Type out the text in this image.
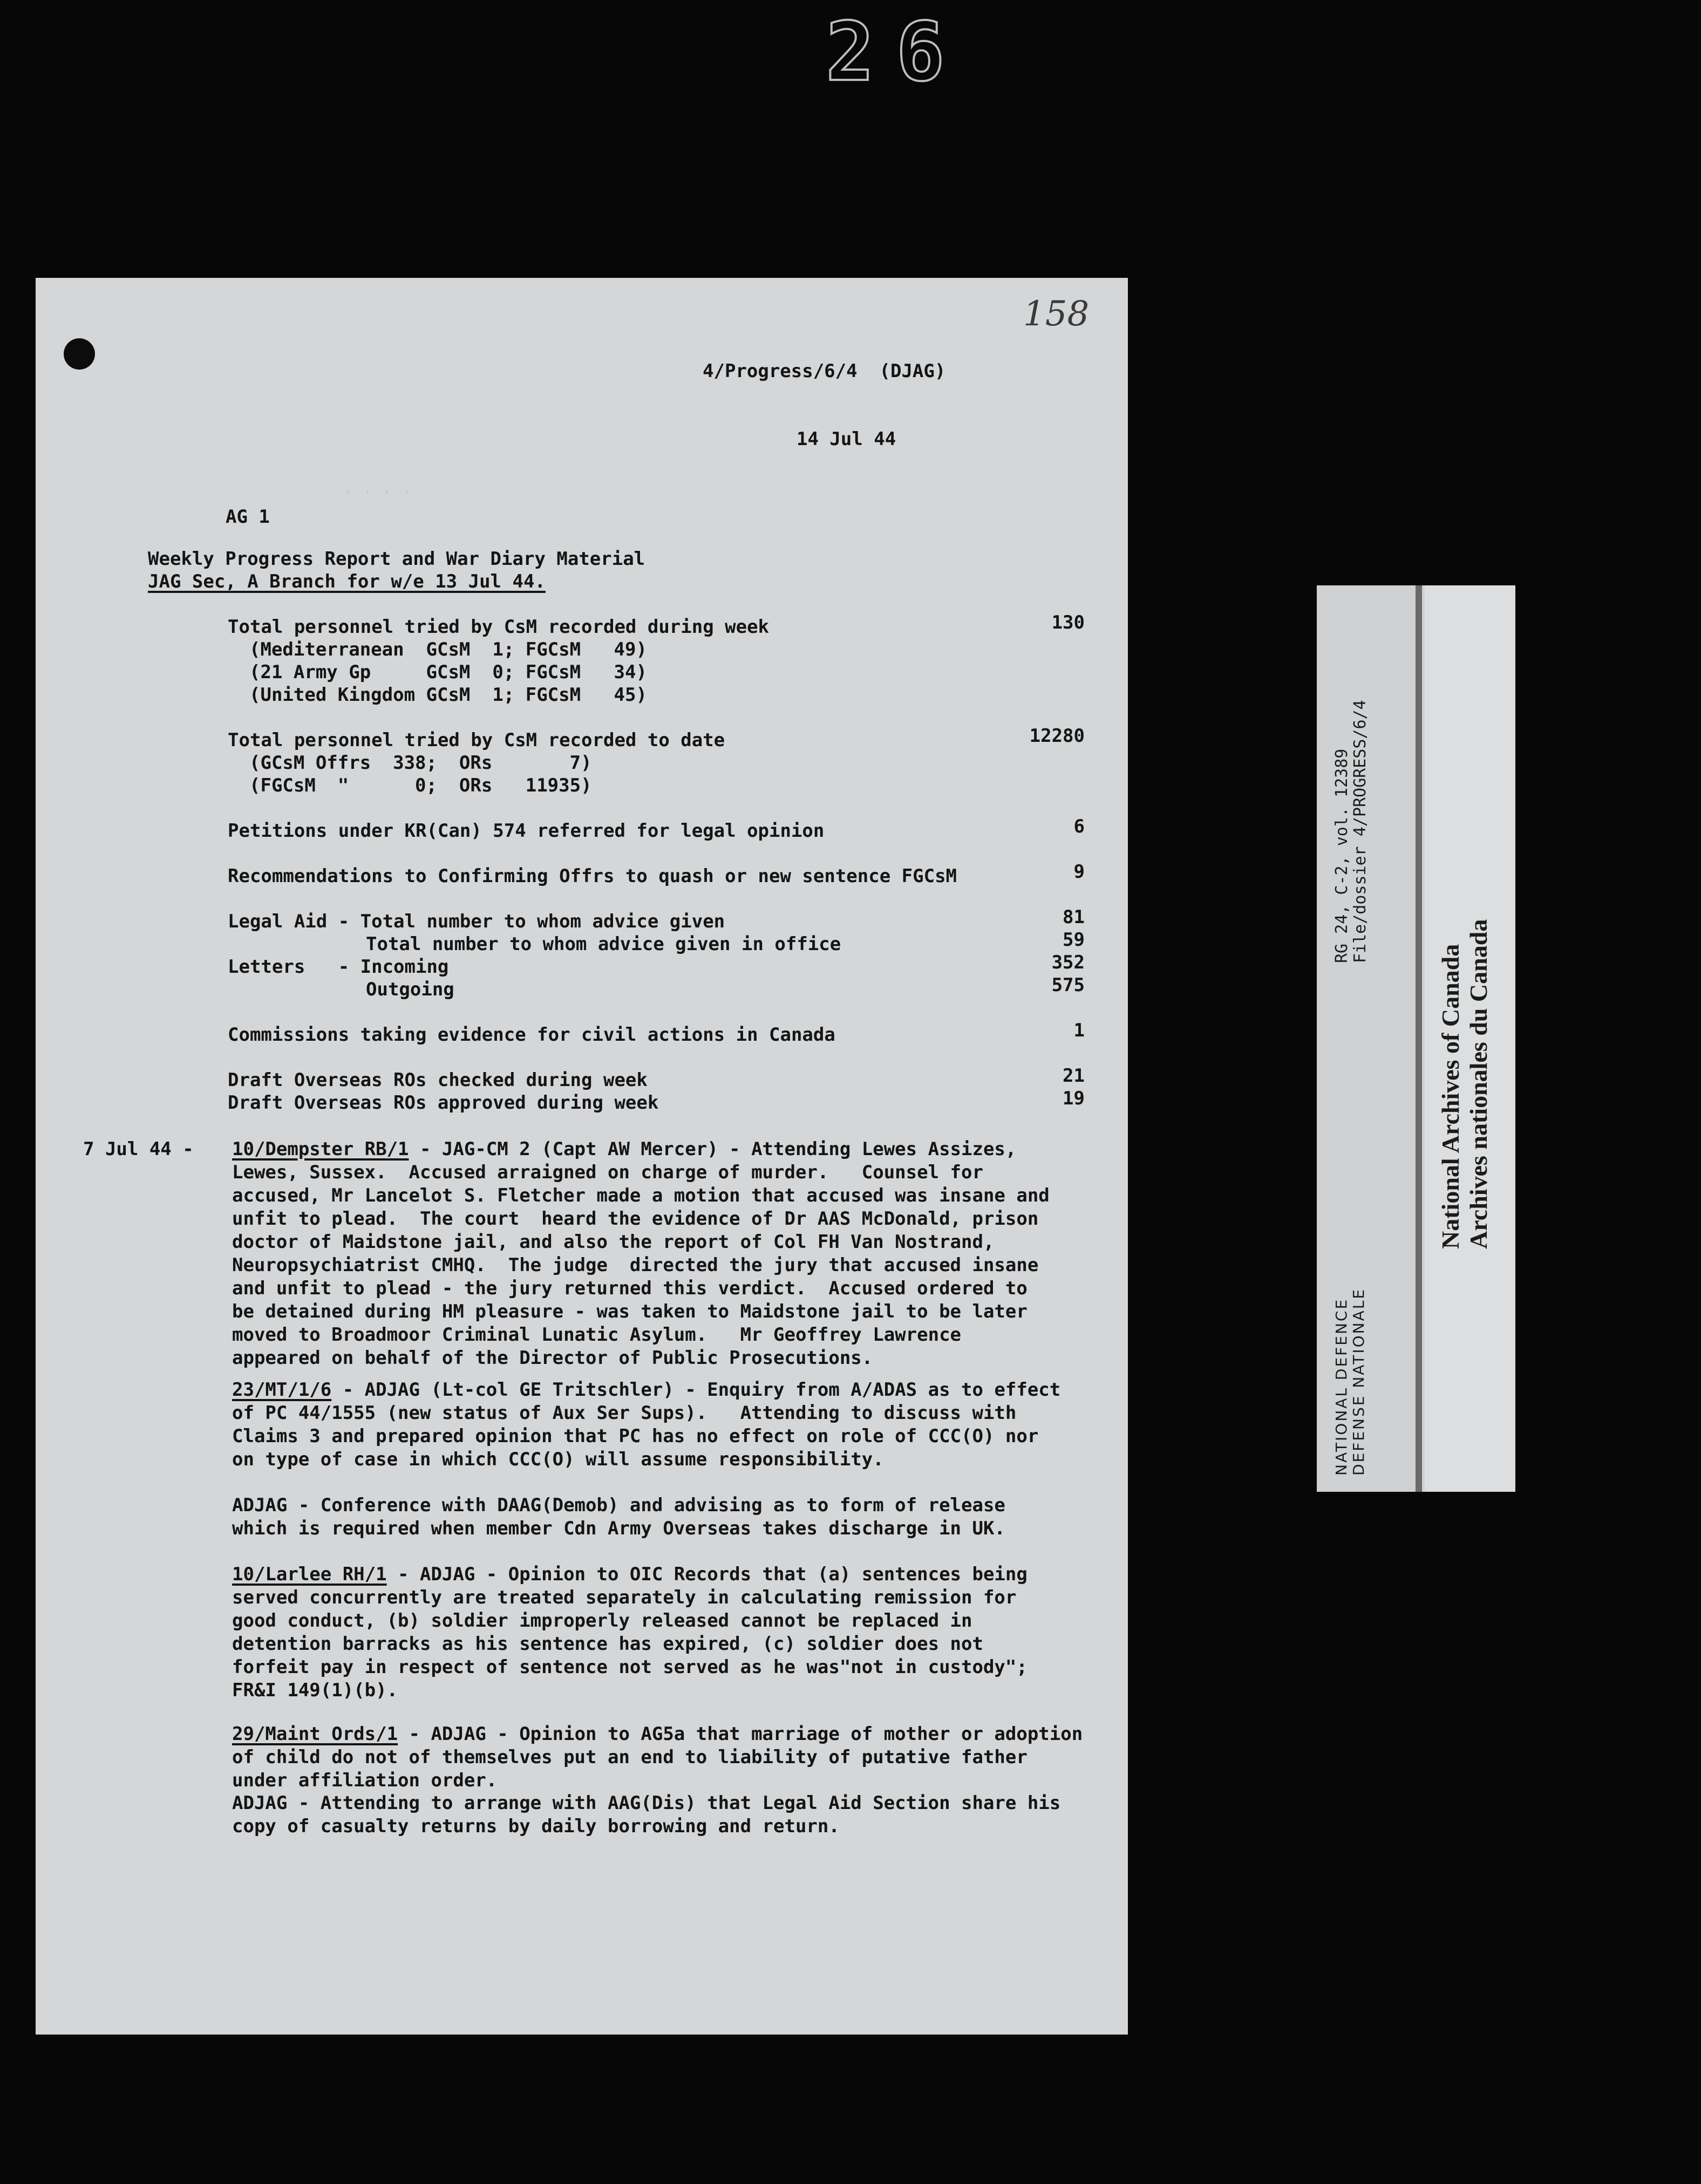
26
158
· · · ·
4/Progress/6/4  (DJAG)
14 Jul 44
AG 1
Weekly Progress Report and War Diary Material
JAG Sec, A Branch for w/e 13 Jul 44.
Total personnel tried by CsM recorded during week	130
(Mediterranean  GCsM  1; FGCsM   49)
(21 Army Gp     GCsM  0; FGCsM   34)
(United Kingdom GCsM  1; FGCsM   45)
Total personnel tried by CsM recorded to date	12280
(GCsM Offrs  338;  ORs       7)
(FGCsM  "      0;  ORs   11935)
Petitions under KR(Can) 574 referred for legal opinion	6
Recommendations to Confirming Offrs to quash or new sentence FGCsM	9
Legal Aid - Total number to whom advice given	81
Total number to whom advice given in office	59
Letters   - Incoming	352
Outgoing	575
Commissions taking evidence for civil actions in Canada	1
Draft Overseas ROs checked during week	21
Draft Overseas ROs approved during week	19
7 Jul 44 - 10/Dempster RB/1 - JAG-CM 2 (Capt AW Mercer) - Attending Lewes Assizes,
Lewes, Sussex.  Accused arraigned on charge of murder.   Counsel for
accused, Mr Lancelot S. Fletcher made a motion that accused was insane and
unfit to plead.  The court  heard the evidence of Dr AAS McDonald, prison
doctor of Maidstone jail, and also the report of Col FH Van Nostrand,
Neuropsychiatrist CMHQ.  The judge  directed the jury that accused insane
and unfit to plead - the jury returned this verdict.  Accused ordered to
be detained during HM pleasure - was taken to Maidstone jail to be later
moved to Broadmoor Criminal Lunatic Asylum.   Mr Geoffrey Lawrence
appeared on behalf of the Director of Public Prosecutions.
23/MT/1/6 - ADJAG (Lt-col GE Tritschler) - Enquiry from A/ADAS as to effect
of PC 44/1555 (new status of Aux Ser Sups).   Attending to discuss with
Claims 3 and prepared opinion that PC has no effect on role of CCC(O) nor
on type of case in which CCC(O) will assume responsibility.
ADJAG - Conference with DAAG(Demob) and advising as to form of release
which is required when member Cdn Army Overseas takes discharge in UK.
10/Larlee RH/1 - ADJAG - Opinion to OIC Records that (a) sentences being
served concurrently are treated separately in calculating remission for
good conduct, (b) soldier improperly released cannot be replaced in
detention barracks as his sentence has expired, (c) soldier does not
forfeit pay in respect of sentence not served as he was"not in custody";
FR&I 149(1)(b).
29/Maint Ords/1 - ADJAG - Opinion to AG5a that marriage of mother or adoption
of child do not of themselves put an end to liability of putative father
under affiliation order.
ADJAG - Attending to arrange with AAG(Dis) that Legal Aid Section share his
copy of casualty returns by daily borrowing and return.
RG 24, C-2, vol. 12389 File/dossier 4/PROGRESS/6/4
NATIONAL DEFENCE DEFENSE NATIONALE
National Archives of Canada Archives nationales du Canada
